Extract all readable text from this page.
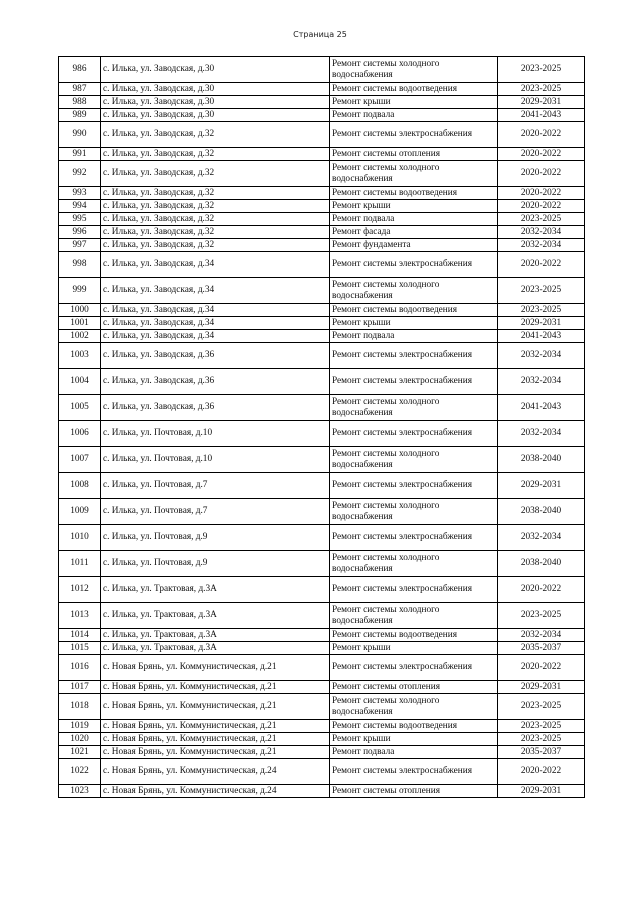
Страница 25
986	с. Илька, ул. Заводская, д.30	Ремонт системы холодного водоснабжения	2023-2025
987	с. Илька, ул. Заводская, д.30	Ремонт системы водоотведения	2023-2025
988	с. Илька, ул. Заводская, д.30	Ремонт крыши	2029-2031
989	с. Илька, ул. Заводская, д.30	Ремонт подвала	2041-2043
990	с. Илька, ул. Заводская, д.32	Ремонт системы электроснабжения	2020-2022
991	с. Илька, ул. Заводская, д.32	Ремонт системы отопления	2020-2022
992	с. Илька, ул. Заводская, д.32	Ремонт системы холодного водоснабжения	2020-2022
993	с. Илька, ул. Заводская, д.32	Ремонт системы водоотведения	2020-2022
994	с. Илька, ул. Заводская, д.32	Ремонт крыши	2020-2022
995	с. Илька, ул. Заводская, д.32	Ремонт подвала	2023-2025
996	с. Илька, ул. Заводская, д.32	Ремонт фасада	2032-2034
997	с. Илька, ул. Заводская, д.32	Ремонт фундамента	2032-2034
998	с. Илька, ул. Заводская, д.34	Ремонт системы электроснабжения	2020-2022
999	с. Илька, ул. Заводская, д.34	Ремонт системы холодного водоснабжения	2023-2025
1000	с. Илька, ул. Заводская, д.34	Ремонт системы водоотведения	2023-2025
1001	с. Илька, ул. Заводская, д.34	Ремонт крыши	2029-2031
1002	с. Илька, ул. Заводская, д.34	Ремонт подвала	2041-2043
1003	с. Илька, ул. Заводская, д.36	Ремонт системы электроснабжения	2032-2034
1004	с. Илька, ул. Заводская, д.36	Ремонт системы электроснабжения	2032-2034
1005	с. Илька, ул. Заводская, д.36	Ремонт системы холодного водоснабжения	2041-2043
1006	с. Илька, ул. Почтовая, д.10	Ремонт системы электроснабжения	2032-2034
1007	с. Илька, ул. Почтовая, д.10	Ремонт системы холодного водоснабжения	2038-2040
1008	с. Илька, ул. Почтовая, д.7	Ремонт системы электроснабжения	2029-2031
1009	с. Илька, ул. Почтовая, д.7	Ремонт системы холодного водоснабжения	2038-2040
1010	с. Илька, ул. Почтовая, д.9	Ремонт системы электроснабжения	2032-2034
1011	с. Илька, ул. Почтовая, д.9	Ремонт системы холодного водоснабжения	2038-2040
1012	с. Илька, ул. Трактовая, д.3А	Ремонт системы электроснабжения	2020-2022
1013	с. Илька, ул. Трактовая, д.3А	Ремонт системы холодного водоснабжения	2023-2025
1014	с. Илька, ул. Трактовая, д.3А	Ремонт системы водоотведения	2032-2034
1015	с. Илька, ул. Трактовая, д.3А	Ремонт крыши	2035-2037
1016	с. Новая Брянь, ул. Коммунистическая, д.21	Ремонт системы электроснабжения	2020-2022
1017	с. Новая Брянь, ул. Коммунистическая, д.21	Ремонт системы отопления	2029-2031
1018	с. Новая Брянь, ул. Коммунистическая, д.21	Ремонт системы холодного водоснабжения	2023-2025
1019	с. Новая Брянь, ул. Коммунистическая, д.21	Ремонт системы водоотведения	2023-2025
1020	с. Новая Брянь, ул. Коммунистическая, д.21	Ремонт крыши	2023-2025
1021	с. Новая Брянь, ул. Коммунистическая, д.21	Ремонт подвала	2035-2037
1022	с. Новая Брянь, ул. Коммунистическая, д.24	Ремонт системы электроснабжения	2020-2022
1023	с. Новая Брянь, ул. Коммунистическая, д.24	Ремонт системы отопления	2029-2031
